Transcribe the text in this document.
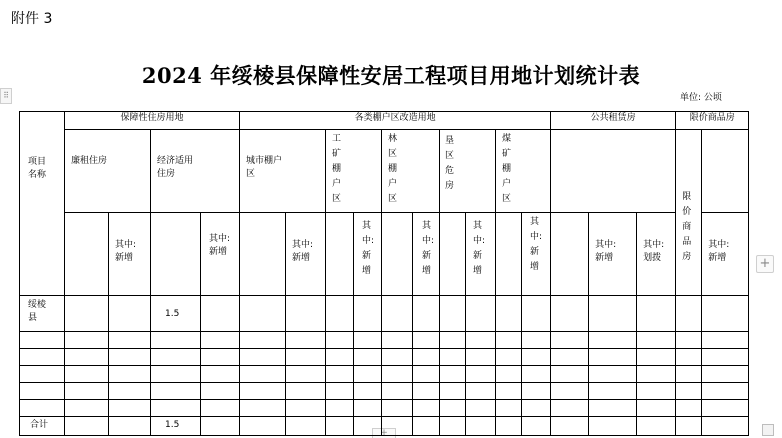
附件 3
2024 年绥棱县保障性安居工程项目用地计划统计表
单位: 公顷
⠿
+
+
项目名称	保障性住房用地				各类棚户区改造用地										公共租赁房			限价商品房	

	廉租住房		经济适用住房		城市棚户区		工矿棚户区		林区棚户区		垦区危房		煤矿棚户区					限价商品房	

		其中:新增		其中:新增		其中:新增		其中:新增		其中:新增		其中:新增		其中:新增		其中:新增	其中:划拨		其中:新增

绥棱县			1.5																

合计			1.5																
